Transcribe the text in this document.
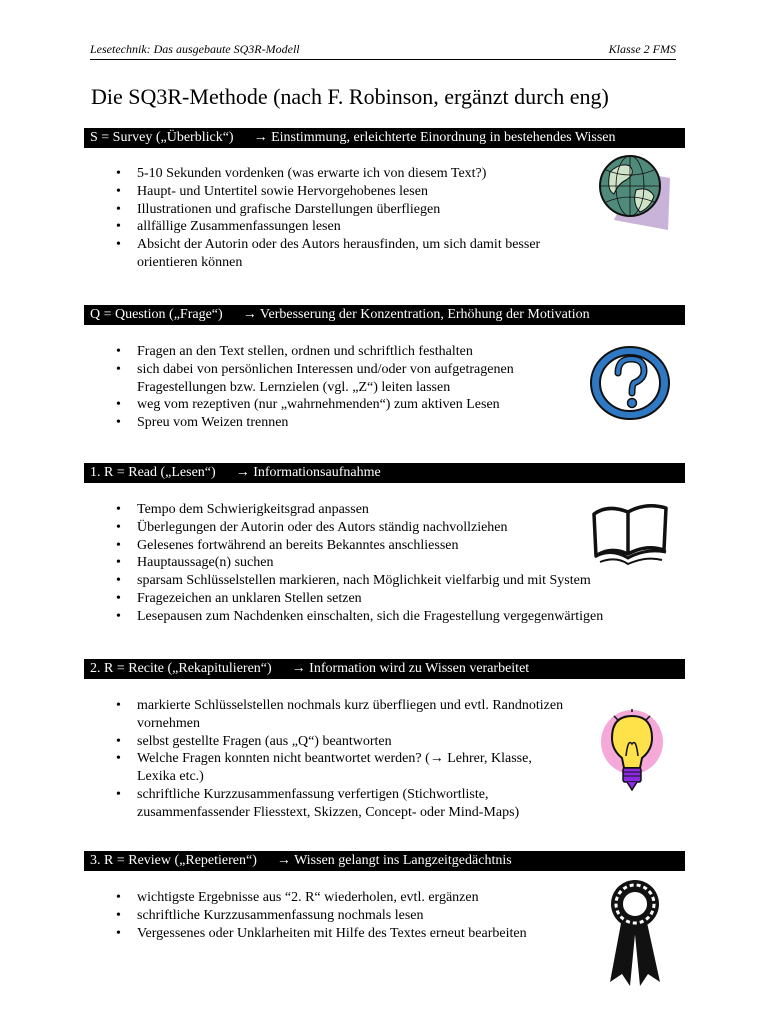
Lesetechnik: Das ausgebaute SQ3R-Modell	Klasse 2 FMS
Die SQ3R-Methode (nach F. Robinson, ergänzt durch eng)
S = Survey („Überblick“) → Einstimmung, erleichterte Einordnung in bestehendes Wissen
• 5-10 Sekunden vordenken (was erwarte ich von diesem Text?)
• Haupt- und Untertitel sowie Hervorgehobenes lesen
• Illustrationen und grafische Darstellungen überfliegen
• allfällige Zusammenfassungen lesen
• Absicht der Autorin oder des Autors herausfinden, um sich damit besser orientieren können
Q = Question („Frage“) → Verbesserung der Konzentration, Erhöhung der Motivation
• Fragen an den Text stellen, ordnen und schriftlich festhalten
• sich dabei von persönlichen Interessen und/oder von aufgetragenen Fragestellungen bzw. Lernzielen (vgl. „Z“) leiten lassen
• weg vom rezeptiven (nur „wahrnehmenden“) zum aktiven Lesen
• Spreu vom Weizen trennen
1. R = Read („Lesen“) → Informationsaufnahme
• Tempo dem Schwierigkeitsgrad anpassen
• Überlegungen der Autorin oder des Autors ständig nachvollziehen
• Gelesenes fortwährend an bereits Bekanntes anschliessen
• Hauptaussage(n) suchen
• sparsam Schlüsselstellen markieren, nach Möglichkeit vielfarbig und mit System
• Fragezeichen an unklaren Stellen setzen
• Lesepausen zum Nachdenken einschalten, sich die Fragestellung vergegenwärtigen
2. R = Recite („Rekapitulieren“) → Information wird zu Wissen verarbeitet
• markierte Schlüsselstellen nochmals kurz überfliegen und evtl. Randnotizen vornehmen
• selbst gestellte Fragen (aus „Q“) beantworten
• Welche Fragen konnten nicht beantwortet werden? (→ Lehrer, Klasse, Lexika etc.)
• schriftliche Kurzzusammenfassung verfertigen (Stichwortliste, zusammenfassender Fliesstext, Skizzen, Concept- oder Mind-Maps)
3. R = Review („Repetieren“) → Wissen gelangt ins Langzeitgedächtnis
• wichtigste Ergebnisse aus “2. R“ wiederholen, evtl. ergänzen
• schriftliche Kurzzusammenfassung nochmals lesen
• Vergessenes oder Unklarheiten mit Hilfe des Textes erneut bearbeiten
